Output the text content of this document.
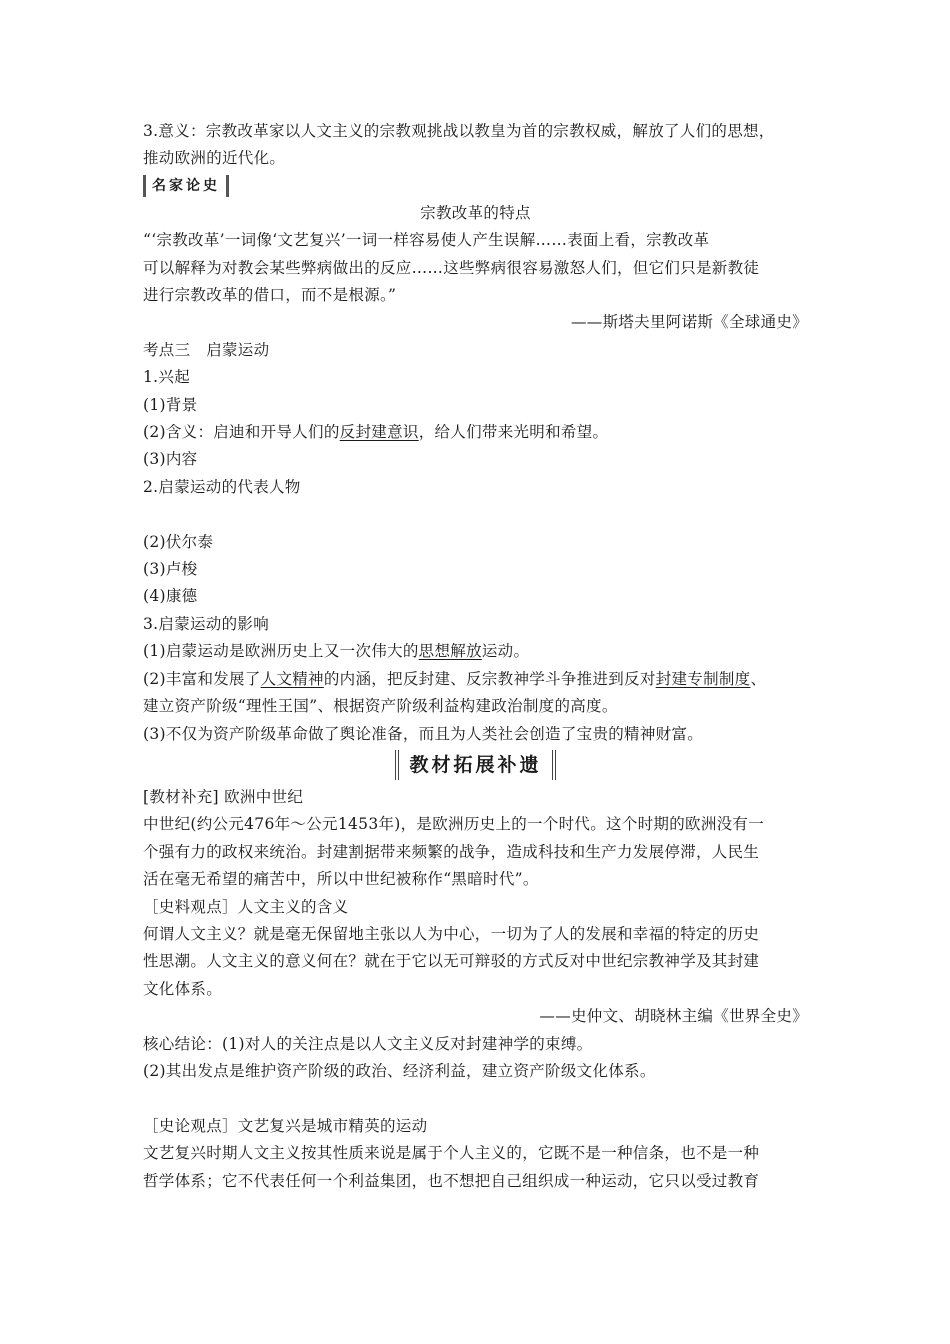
3.意义：宗教改革家以人文主义的宗教观挑战以教皇为首的宗教权威，解放了人们的思想，

推动欧洲的近代化。

名家论史

宗教改革的特点

“‘宗教改革’一词像‘文艺复兴’一词一样容易使人产生误解……表面上看，宗教改革

可以解释为对教会某些弊病做出的反应……这些弊病很容易激怒人们，但它们只是新教徒

进行宗教改革的借口，而不是根源。”

——斯塔夫里阿诺斯《全球通史》

考点三　启蒙运动

1.兴起

(1)背景

(2)含义：启迪和开导人们的反封建意识，给人们带来光明和希望。

(3)内容

2.启蒙运动的代表人物

(2)伏尔泰

(3)卢梭

(4)康德

3.启蒙运动的影响

(1)启蒙运动是欧洲历史上又一次伟大的思想解放运动。

(2)丰富和发展了人文精神的内涵，把反封建、反宗教神学斗争推进到反对封建专制制度、

建立资产阶级“理性王国”、根据资产阶级利益构建政治制度的高度。

(3)不仅为资产阶级革命做了舆论准备，而且为人类社会创造了宝贵的精神财富。

教材拓展补遗

[教材补充] 欧洲中世纪

中世纪(约公元476年～公元1453年)，是欧洲历史上的一个时代。这个时期的欧洲没有一

个强有力的政权来统治。封建割据带来频繁的战争，造成科技和生产力发展停滞，人民生

活在毫无希望的痛苦中，所以中世纪被称作“黑暗时代”。

［史料观点］人文主义的含义

何谓人文主义？就是毫无保留地主张以人为中心，一切为了人的发展和幸福的特定的历史

性思潮。人文主义的意义何在？就在于它以无可辩驳的方式反对中世纪宗教神学及其封建

文化体系。

——史仲文、胡晓林主编《世界全史》

核心结论：(1)对人的关注点是以人文主义反对封建神学的束缚。

(2)其出发点是维护资产阶级的政治、经济利益，建立资产阶级文化体系。

［史论观点］文艺复兴是城市精英的运动

文艺复兴时期人文主义按其性质来说是属于个人主义的，它既不是一种信条，也不是一种

哲学体系；它不代表任何一个利益集团，也不想把自己组织成一种运动，它只以受过教育
